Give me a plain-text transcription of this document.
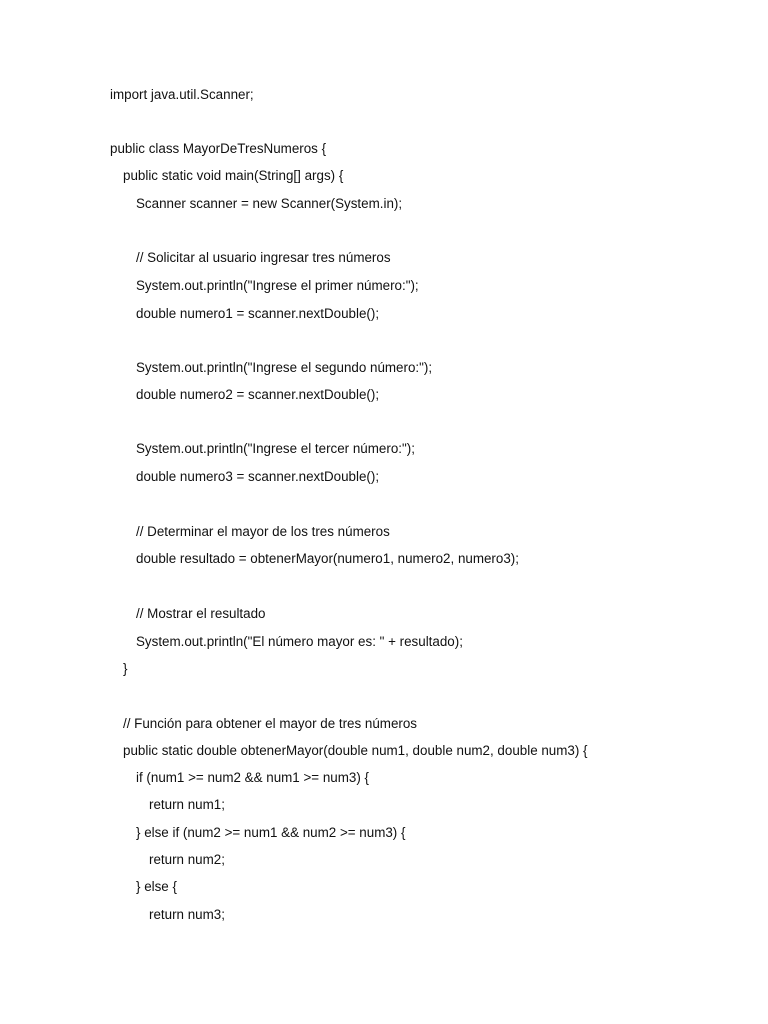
import java.util.Scanner;
public class MayorDeTresNumeros {
public static void main(String[] args) {
Scanner scanner = new Scanner(System.in);
// Solicitar al usuario ingresar tres números
System.out.println("Ingrese el primer número:");
double numero1 = scanner.nextDouble();
System.out.println("Ingrese el segundo número:");
double numero2 = scanner.nextDouble();
System.out.println("Ingrese el tercer número:");
double numero3 = scanner.nextDouble();
// Determinar el mayor de los tres números
double resultado = obtenerMayor(numero1, numero2, numero3);
// Mostrar el resultado
System.out.println("El número mayor es: " + resultado);
}
// Función para obtener el mayor de tres números
public static double obtenerMayor(double num1, double num2, double num3) {
if (num1 >= num2 && num1 >= num3) {
return num1;
} else if (num2 >= num1 && num2 >= num3) {
return num2;
} else {
return num3;
